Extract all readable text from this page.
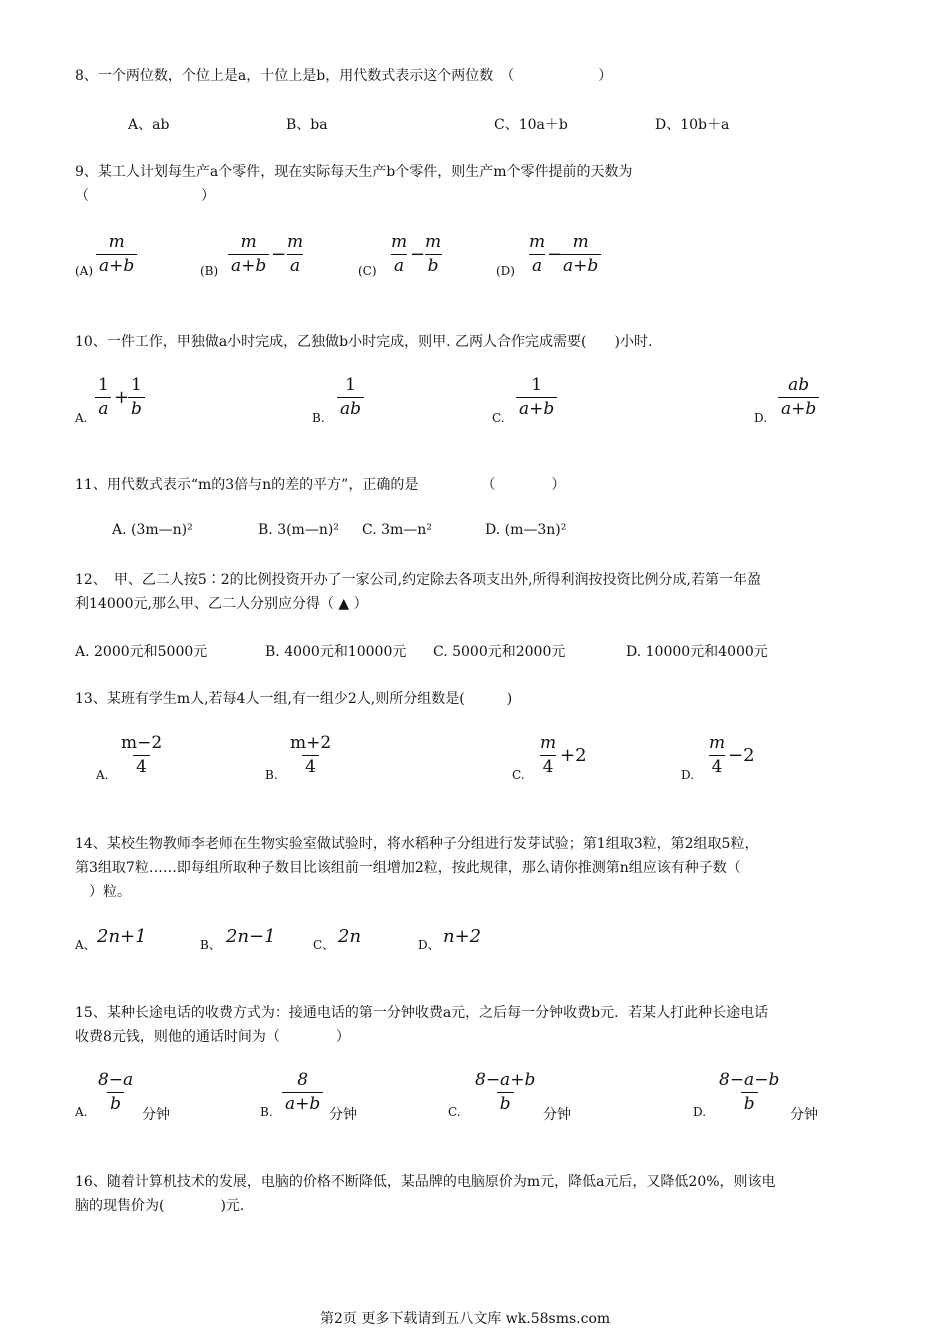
8、一个两位数，个位上是a，十位上是b，用代数式表示这个两位数　（　　　　　　）
A、ab	B、ba	C、10a＋b	D、10b＋a
9、某工人计划每生产a个零件，现在实际每天生产b个零件，则生产m个零件提前的天数为
（　　　　　　　　）
$(A) \frac{m}{a+b}$	$(B) \frac{m}{a+b}$ −
$\frac{m}{a}$	$(C) \frac{m}{a}$ −
$\frac{m}{b}$	$(D) \frac{m}{a}$
−
$\frac{m}{a+b}$
10、一件工作，甲独做a小时完成，乙独做b小时完成，则甲. 乙两人合作完成需要(　　)小时.
A. $\frac{1}{a}$ +
$\frac{1}{b}$	B. $\frac{1}{ab}$	C. $\frac{1}{a+b}$	D. $\frac{ab}{a+b}$
11、用代数式表示“m的3倍与n的差的平方”，正确的是　　　　　（　　　　）
A. (3m—n)²	B. 3(m—n)² C. 3m—n²	D. (m—3n)²
12、　甲、乙二人按5∶2的比例投资开办了一家公司,约定除去各项支出外,所得利润按投资比例分成,若第一年盈
利14000元,那么甲、乙二人分别应分得（ ▲ ）
A. 2000元和5000元	B. 4000元和10000元 C. 5000元和2000元	D. 10000元和4000元
13、某班有学生m人,若每4人一组,有一组少2人,则所分组数是(　　　)
A. $\frac{m-2}{4}$	B. $\frac{m+2}{4}$	C. $\frac{m}{4} +2$
D. $\frac{m}{4} -2$
14、某校生物教师李老师在生物实验室做试验时，将水稻种子分组进行发芽试验；第1组取3粒，第2组取5粒，
第3组取7粒……即每组所取种子数目比该组前一组增加2粒，按此规律，那么请你推测第n组应该有种子数（
　）粒。
A、 2n+1	B、 2n−1	C、 2n	D、 n+2
15、某种长途电话的收费方式为：接通电话的第一分钟收费a元，之后每一分钟收费b元．若某人打此种长途电话
收费8元钱，则他的通话时间为（　　　　）
A. $\frac{8-a}{b}$
分钟	B. $\frac{8}{a+b}$
分钟	C. $\frac{8-a+b}{b}$
分钟	D. $\frac{8-a-b}{b}$
分钟
16、随着计算机技术的发展，电脑的价格不断降低，某品牌的电脑原价为m元，降低a元后，又降低20%，则该电
脑的现售价为(　　　　)元.
第2页 更多下载请到五八文库 wk.58sms.com
